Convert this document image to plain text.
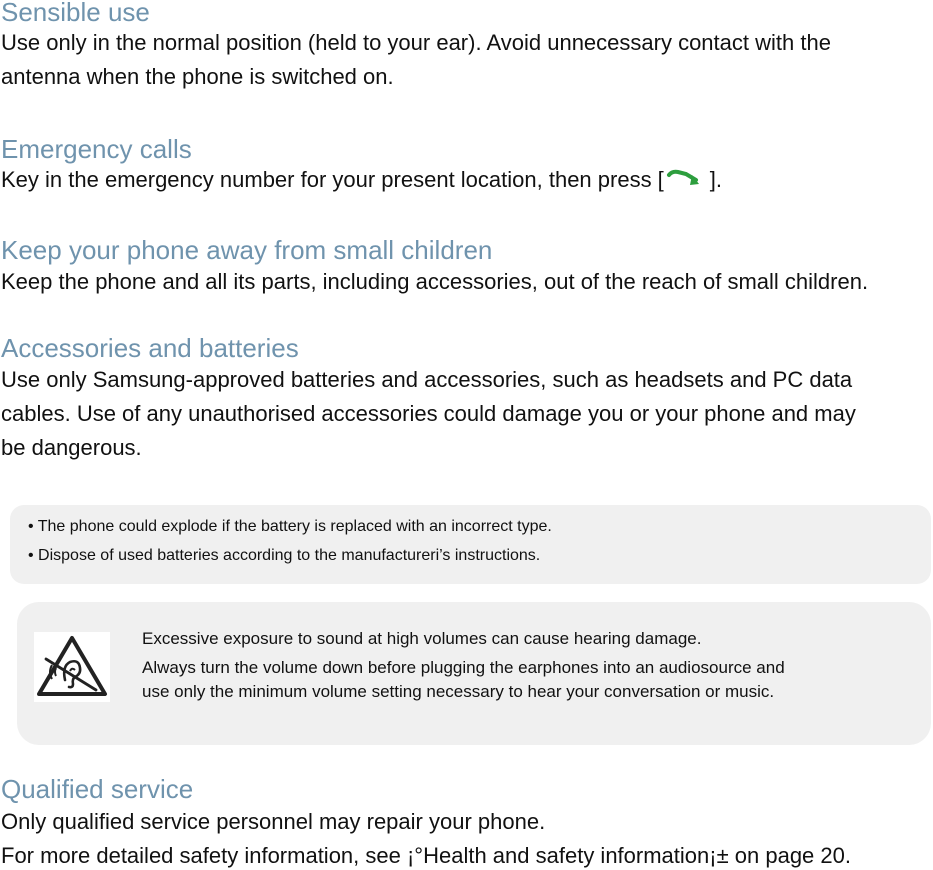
Sensible use
Use only in the normal position (held to your ear). Avoid unnecessary contact with the
antenna when the phone is switched on.
Emergency calls
Key in the emergency number for your present location, then press [ ].
Keep your phone away from small children
Keep the phone and all its parts, including accessories, out of the reach of small children.
Accessories and batteries
Use only Samsung-approved batteries and accessories, such as headsets and PC data
cables. Use of any unauthorised accessories could damage you or your phone and may
be dangerous.
• The phone could explode if the battery is replaced with an incorrect type.
• Dispose of used batteries according to the manufactureri’s instructions.
Excessive exposure to sound at high volumes can cause hearing damage.
Always turn the volume down before plugging the earphones into an audiosource and
use only the minimum volume setting necessary to hear your conversation or music.
Qualified service
Only qualified service personnel may repair your phone.
For more detailed safety information, see ¡°Health and safety information¡± on page 20.
